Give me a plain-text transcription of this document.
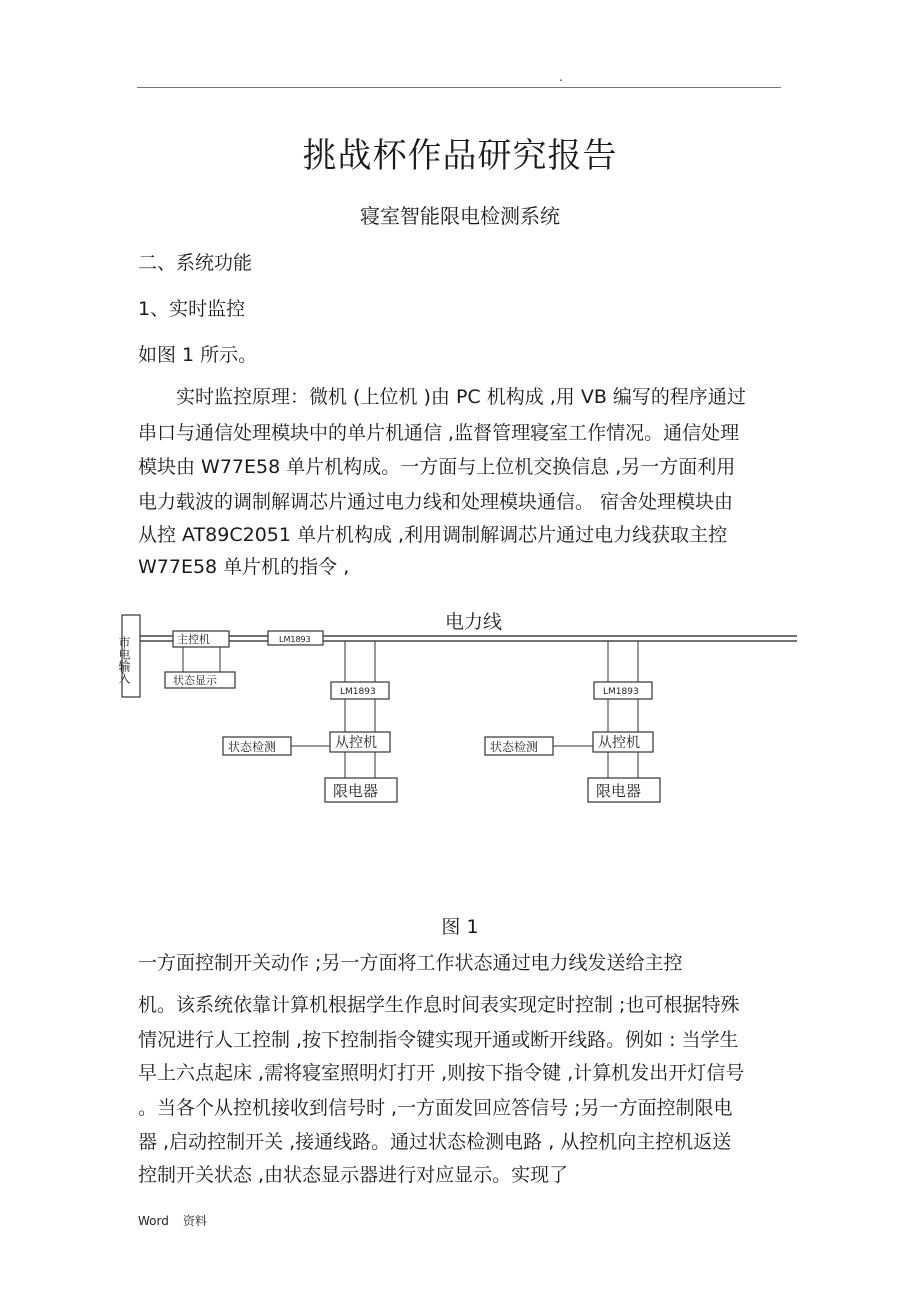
.
挑战杯作品研究报告
寝室智能限电检测系统
二、系统功能
1、实时监控
如图 1 所示。
　　实时监控原理：微机 (上位机 )由 PC 机构成 ,用 VB 编写的程序通过
串口与通信处理模块中的单片机通信 ,监督管理寝室工作情况。通信处理
模块由 W77E58 单片机构成。一方面与上位机交换信息 ,另一方面利用
电力载波的调制解调芯片通过电力线和处理模块通信。 宿舍处理模块由
从控 AT89C2051 单片机构成 ,利用调制解调芯片通过电力线获取主控
W77E58 单片机的指令 ,
电力线
市电输入	主控机	LM1893
状态显示
LM1893
从控机
状态检测
限电器
LM1893
从控机
状态检测
限电器
图 1
一方面控制开关动作 ;另一方面将工作状态通过电力线发送给主控
机。该系统依靠计算机根据学生作息时间表实现定时控制 ;也可根据特殊
情况进行人工控制 ,按下控制指令键实现开通或断开线路。例如 : 当学生
早上六点起床 ,需将寝室照明灯打开 ,则按下指令键 ,计算机发出开灯信号
。当各个从控机接收到信号时 ,一方面发回应答信号 ;另一方面控制限电
器 ,启动控制开关 ,接通线路。通过状态检测电路 , 从控机向主控机返送
控制开关状态 ,由状态显示器进行对应显示。实现了
Word 资料
